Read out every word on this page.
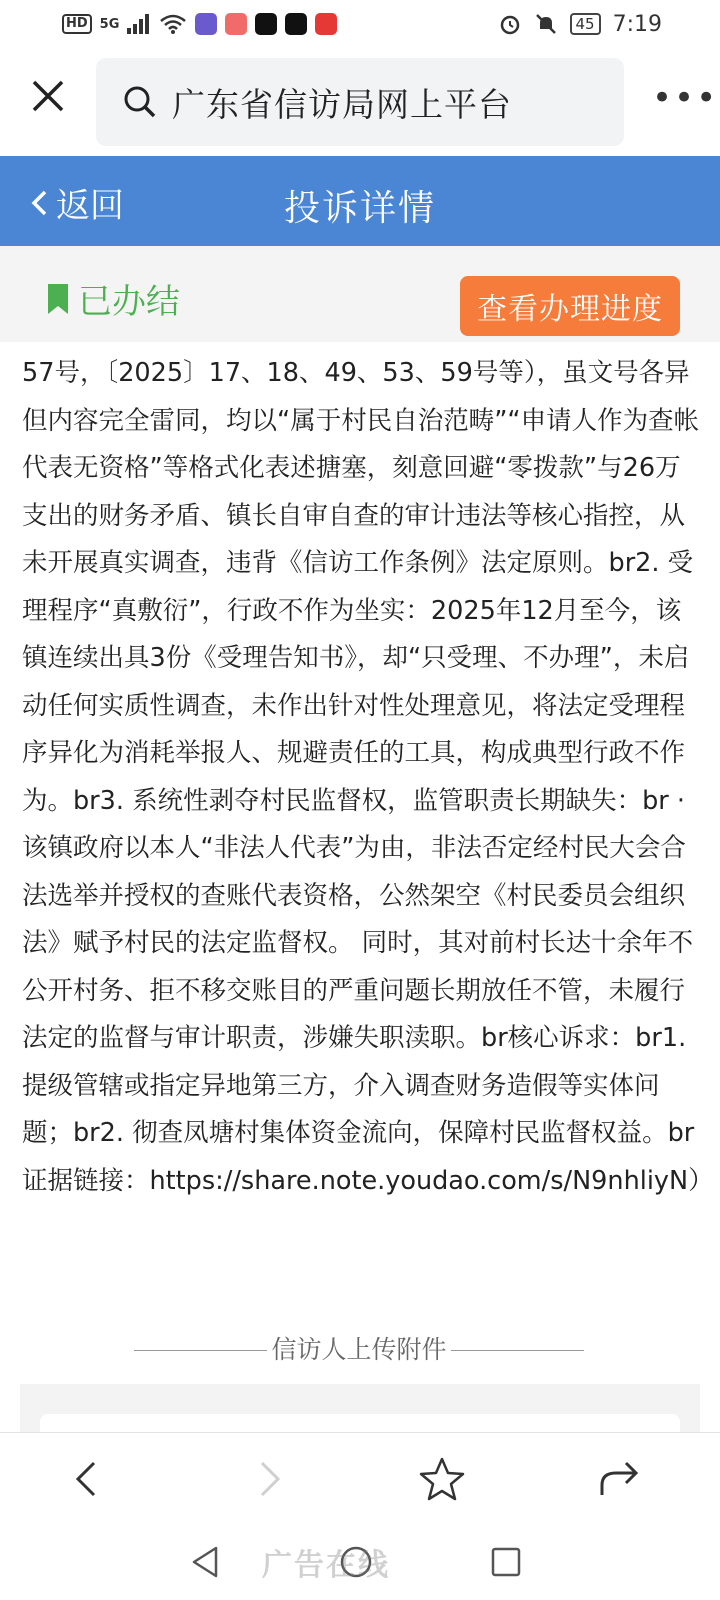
HD 5G	45 7:19
广东省信访局网上平台	•••
返回	投诉详情
已办结	查看办理进度
57号，〔2025〕17、18、49、53、59号等），虽文号各异但内容完全雷同，均以“属于村民自治范畴”“申请人作为查帐代表无资格”等格式化表述搪塞，刻意回避“零拨款”与26万支出的财务矛盾、镇长自审自查的审计违法等核心指控，从未开展真实调查，违背《信访工作条例》法定原则。br2. 受理程序“真敷衍”，行政不作为坐实：2025年12月至今，该镇连续出具3份《受理告知书》，却“只受理、不办理”，未启动任何实质性调查，未作出针对性处理意见，将法定受理程序异化为消耗举报人、规避责任的工具，构成典型行政不作为。br3. 系统性剥夺村民监督权，监管职责长期缺失：br · 该镇政府以本人“非法人代表”为由，非法否定经村民大会合法选举并授权的查账代表资格，公然架空《村民委员会组织法》赋予村民的法定监督权。 同时，其对前村长达十余年不公开村务、拒不移交账目的严重问题长期放任不管，未履行法定的监督与审计职责，涉嫌失职渎职。br核心诉求：br1. 提级管辖或指定异地第三方，介入调查财务造假等实体问题；br2. 彻查凤塘村集体资金流向，保障村民监督权益。br证据链接：https://share.note.youdao.com/s/N9nhliyN）
信访人上传附件
广告在线
